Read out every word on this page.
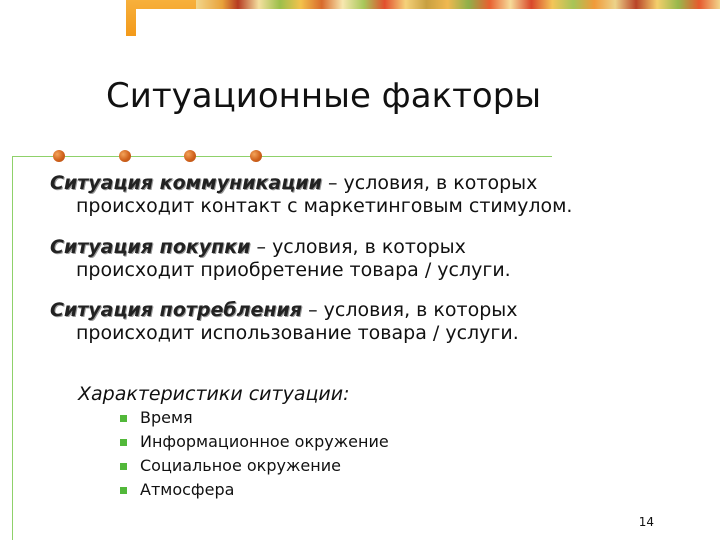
Ситуационные факторы
Ситуация коммуникации – условия, в которых
происходит контакт с маркетинговым стимулом.
Ситуация покупки – условия, в которых
происходит приобретение товара / услуги.
Ситуация потребления – условия, в которых
происходит использование товара / услуги.
Характеристики ситуации:
Время
Информационное окружение
Социальное окружение
Атмосфера
14
